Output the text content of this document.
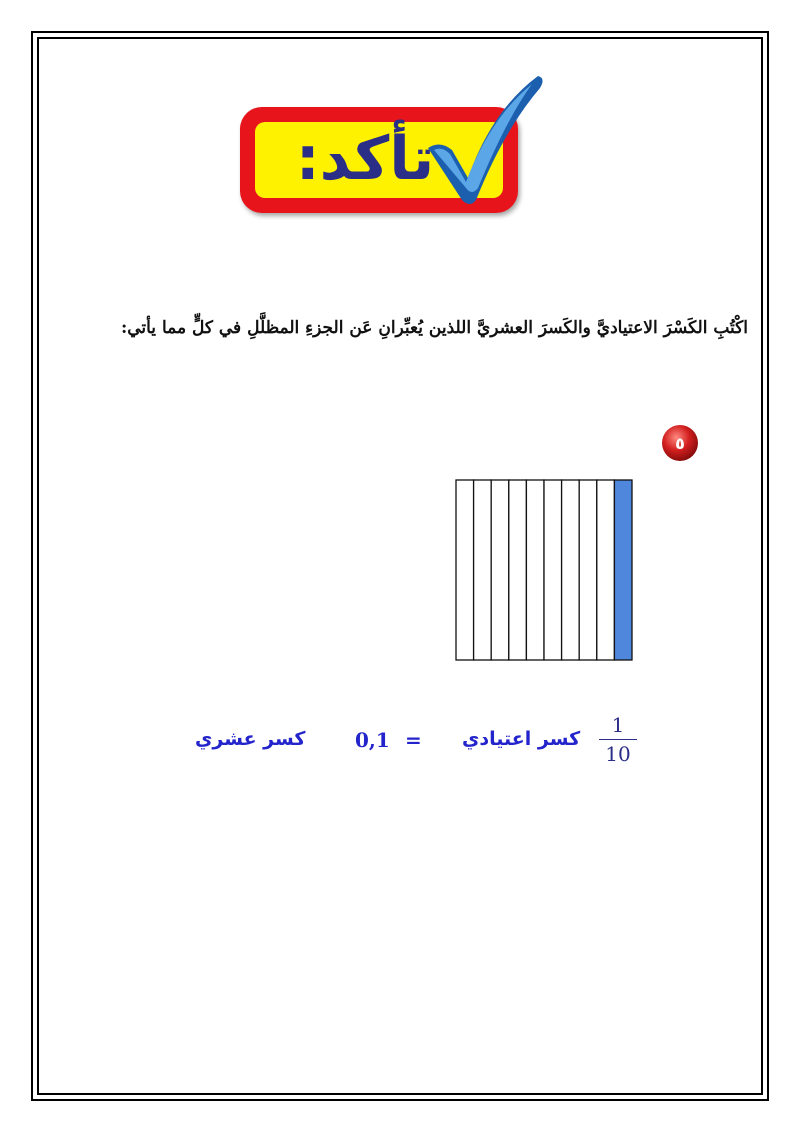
تأكد:
اكْتُبِ الكَسْرَ الاعتياديَّ والكَسرَ العشريَّ اللذين يُعبِّرانِ عَن الجزءِ المظلَّلِ في كلٍّ مما يأتي:
٥
1
10
كسر اعتيادي
=
0,1
كسر عشري
